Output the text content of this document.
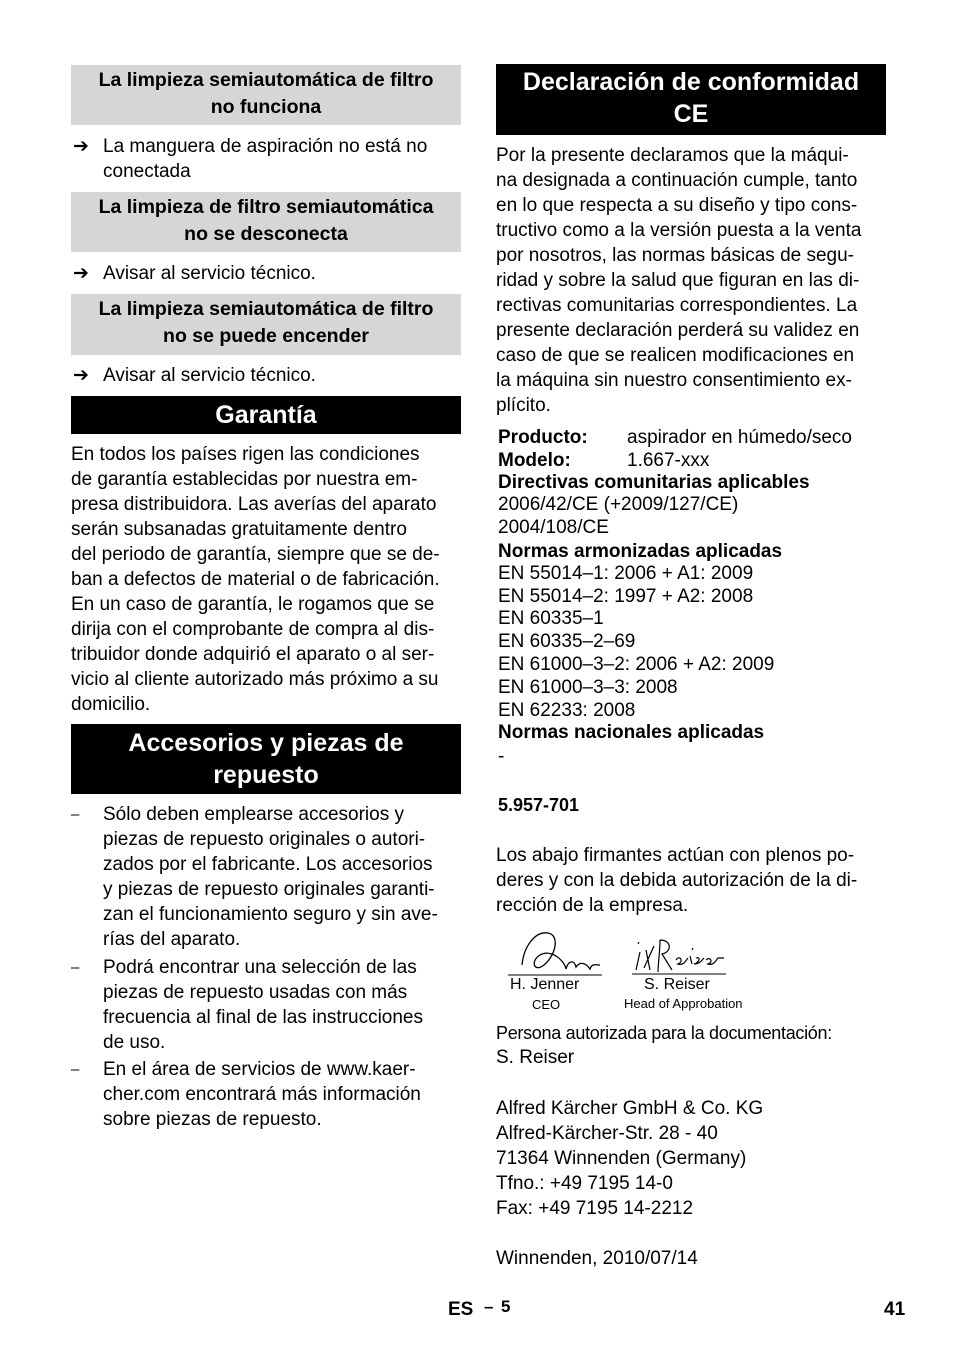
La limpieza semiautomática de filtro
no funciona
➔ La manguera de aspiración no está no
conectada
La limpieza de filtro semiautomática
no se desconecta
➔ Avisar al servicio técnico.
La limpieza semiautomática de filtro
no se puede encender
➔ Avisar al servicio técnico.
Garantía
En todos los países rigen las condiciones
de garantía establecidas por nuestra em-
presa distribuidora. Las averías del aparato
serán subsanadas gratuitamente dentro
del periodo de garantía, siempre que se de-
ban a defectos de material o de fabricación.
En un caso de garantía, le rogamos que se
dirija con el comprobante de compra al dis-
tribuidor donde adquirió el aparato o al ser-
vicio al cliente autorizado más próximo a su
domicilio.
Accesorios y piezas de
repuesto
–	Sólo deben emplearse accesorios y
piezas de repuesto originales o autori-
zados por el fabricante. Los accesorios
y piezas de repuesto originales garanti-
zan el funcionamiento seguro y sin ave-
rías del aparato.
–	Podrá encontrar una selección de las
piezas de repuesto usadas con más
frecuencia al final de las instrucciones
de uso.
–	En el área de servicios de www.kaer-
cher.com encontrará más información
sobre piezas de repuesto.
Declaración de conformidad
CE
Por la presente declaramos que la máqui-
na designada a continuación cumple, tanto
en lo que respecta a su diseño y tipo cons-
tructivo como a la versión puesta a la venta
por nosotros, las normas básicas de segu-
ridad y sobre la salud que figuran en las di-
rectivas comunitarias correspondientes. La
presente declaración perderá su validez en
caso de que se realicen modificaciones en
la máquina sin nuestro consentimiento ex-
plícito.
Producto: aspirador en húmedo/seco
Modelo:	1.667-xxx
Directivas comunitarias aplicables
2006/42/CE (+2009/127/CE)
2004/108/CE
Normas armonizadas aplicadas
EN 55014–1: 2006 + A1: 2009
EN 55014–2: 1997 + A2: 2008
EN 60335–1
EN 60335–2–69
EN 61000–3–2: 2006 + A2: 2009
EN 61000–3–3: 2008
EN 62233: 2008
Normas nacionales aplicadas
-
5.957-701
Los abajo firmantes actúan con plenos po-
deres y con la debida autorización de la di-
rección de la empresa.
H. Jenner
CEO
S. Reiser
Head of Approbation
Persona autorizada para la documentación:
S. Reiser
Alfred Kärcher GmbH & Co. KG
Alfred-Kärcher-Str. 28 - 40
71364 Winnenden (Germany)
Tfno.: +49 7195 14-0
Fax: +49 7195 14-2212
Winnenden, 2010/07/14
ES – 5	41
